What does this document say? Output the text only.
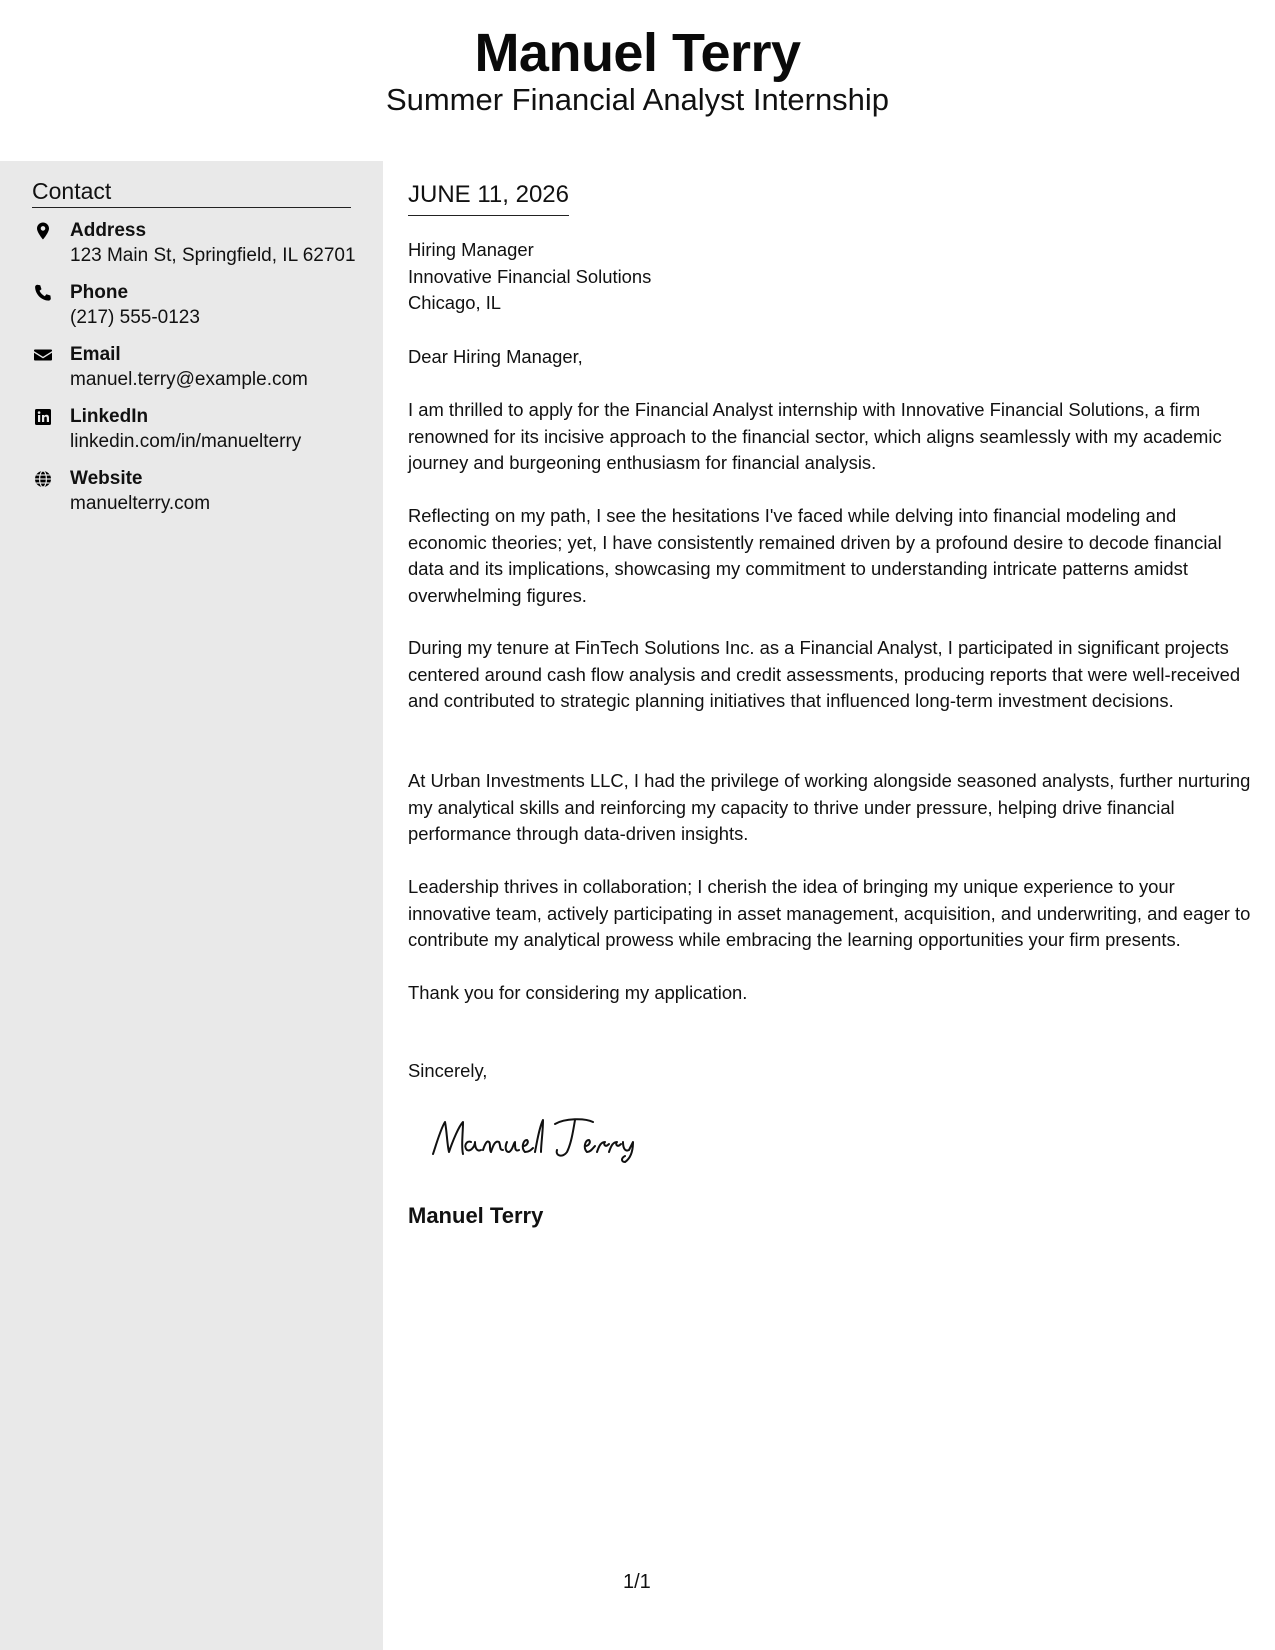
Manuel Terry
Summer Financial Analyst Internship
Contact
Address
123 Main St, Springfield, IL 62701
Phone
(217) 555-0123
Email
manuel.terry@example.com
LinkedIn
linkedin.com/in/manuelterry
Website
manuelterry.com
JUNE 11, 2026
Hiring Manager
Innovative Financial Solutions
Chicago, IL
Dear Hiring Manager,
I am thrilled to apply for the Financial Analyst internship with Innovative Financial Solutions, a firm renowned for its incisive approach to the financial sector, which aligns seamlessly with my academic journey and burgeoning enthusiasm for financial analysis.
Reflecting on my path, I see the hesitations I've faced while delving into financial modeling and economic theories; yet, I have consistently remained driven by a profound desire to decode financial data and its implications, showcasing my commitment to understanding intricate patterns amidst overwhelming figures.
During my tenure at FinTech Solutions Inc. as a Financial Analyst, I participated in significant projects centered around cash flow analysis and credit assessments, producing reports that were well-received and contributed to strategic planning initiatives that influenced long-term investment decisions.
At Urban Investments LLC, I had the privilege of working alongside seasoned analysts, further nurturing my analytical skills and reinforcing my capacity to thrive under pressure, helping drive financial performance through data-driven insights.
Leadership thrives in collaboration; I cherish the idea of bringing my unique experience to your innovative team, actively participating in asset management, acquisition, and underwriting, and eager to contribute my analytical prowess while embracing the learning opportunities your firm presents.
Thank you for considering my application.
Sincerely,
Manuel Terry
1/1
